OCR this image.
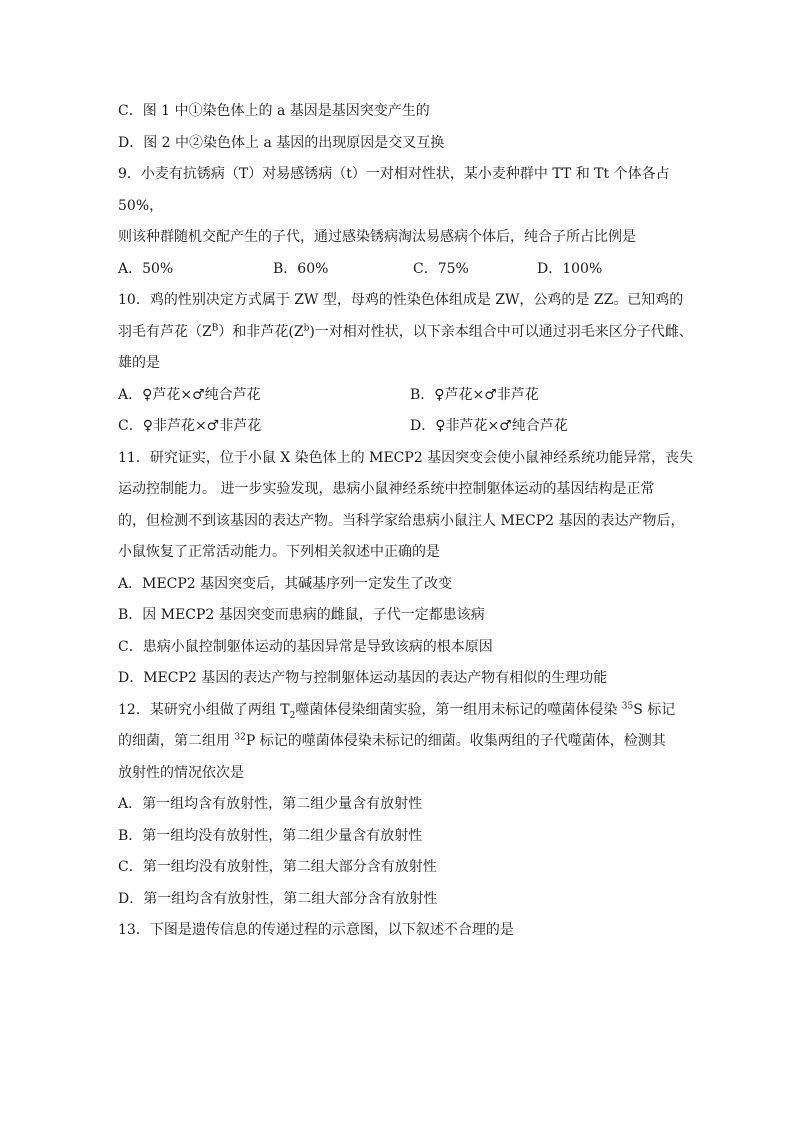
C．图 1 中①染色体上的 a 基因是基因突变产生的
D．图 2 中②染色体上 a 基因的出现原因是交叉互换
9．小麦有抗锈病（T）对易感锈病（t）一对相对性状，某小麦种群中 TT 和 Tt 个体各占
50%，
则该种群随机交配产生的子代，通过感染锈病淘汰易感病个体后，纯合子所占比例是
A．50%	B．60%	C．75%	D．100%
10．鸡的性别决定方式属于 ZW 型，母鸡的性染色体组成是 ZW，公鸡的是 ZZ。已知鸡的
羽毛有芦花$(Z^B)$和非芦花$(Z^b)$一对相对性状，以下亲本组合中可以通过羽毛来区分子代雌、
雄的是
A．♀芦花×♂纯合芦花	B．♀芦花×♂非芦花
C．♀非芦花×♂非芦花	D．♀非芦花×♂纯合芦花
11．研究证实，位于小鼠 X 染色体上的 MECP2 基因突变会使小鼠神经系统功能异常，丧失
运动控制能力。 进一步实验发现，患病小鼠神经系统中控制躯体运动的基因结构是正常
的，但检测不到该基因的表达产物。当科学家给患病小鼠注人 MECP2 基因的表达产物后，
小鼠恢复了正常活动能力。下列相关叙述中正确的是
A．MECP2 基因突变后，其碱基序列一定发生了改变
B．因 MECP2 基因突变而患病的雌鼠，子代一定都患该病
C．患病小鼠控制躯体运动的基因异常是导致该病的根本原因
D．MECP2 基因的表达产物与控制躯体运动基因的表达产物有相似的生理功能
12．某研究小组做了两组 $T_2$噬菌体侵染细菌实验，第一组用未标记的噬菌体侵染 $^{35}$S 标记
的细菌，第二组用 $^{32}$P 标记的噬菌体侵染未标记的细菌。收集两组的子代噬菌体，检测其
放射性的情况依次是
A．第一组均含有放射性，第二组少量含有放射性
B．第一组均没有放射性，第二组少量含有放射性
C．第一组均没有放射性，第二组大部分含有放射性
D．第一组均含有放射性，第二组大部分含有放射性
13．下图是遗传信息的传递过程的示意图，以下叙述不合理的是
